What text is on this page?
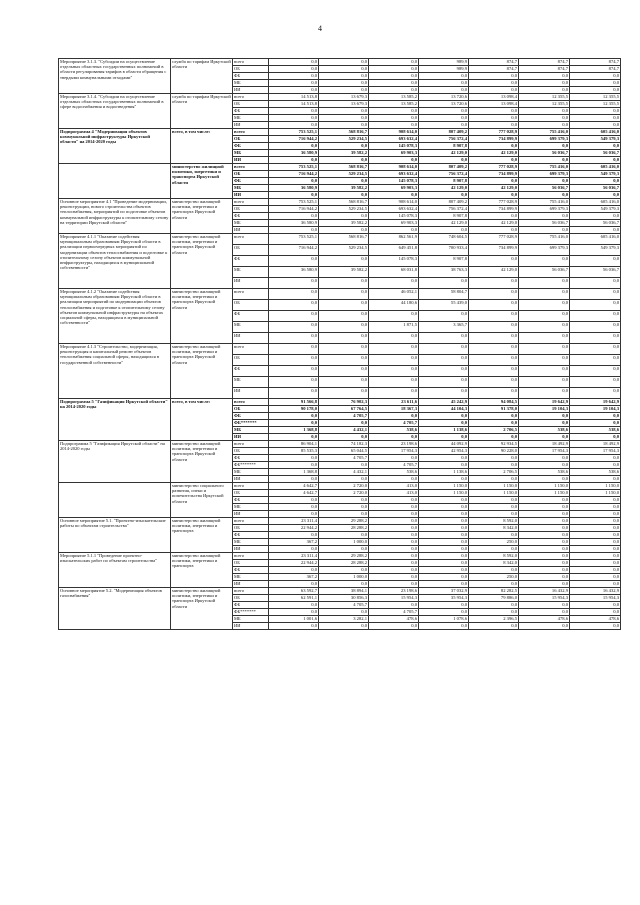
4
Мероприятие 3.1.3. "Субсидии на осуществление отдельных областных государственных полномочий в области регулирования тарифов в области обращения с твердыми коммунальными отходами"	служба по тарифам Иркутской области	всего	0,0	0,0	0,0	989,9	874,7	874,7	874,7
		ОБ	0,0	0,0	0,0	989,9	874,7	874,7	874,7
		ФБ	0,0	0,0	0,0	0,0	0,0	0,0	0,0
		МБ	0,0	0,0	0,0	0,0	0,0	0,0	0,0
		ИИ	0,0	0,0	0,0	0,0	0,0	0,0	0,0
Мероприятие 3.1.4. "Субсидии на осуществление отдельных областных государственных полномочий в сфере водоснабжения и водоотведения"	служба по тарифам Иркутской области	всего	14 513,8	13 679,3	13 585,2	13 720,6	13 098,4	12 355,5	12 355,5
		ОБ	14 513,8	13 679,3	13 585,2	13 720,6	13 098,4	12 355,5	12 355,5
		ФБ	0,0	0,0	0,0	0,0	0,0	0,0	0,0
		МБ	0,0	0,0	0,0	0,0	0,0	0,0	0,0
		ИИ	0,0	0,0	0,0	0,0	0,0	0,0	0,0
Подпрограмма 4 "Модернизация объектов коммунальной инфраструктуры Иркутской области" на 2014-2020 годы	всего, в том числе:	всего	753 525,1	568 816,7	908 614,0	807 409,2	777 028,9	755 416,0	605 416,0
		ОБ	716 944,2	529 234,5	693 632,4	756 372,4	734 899,9	699 379,3	549 379,3
		ФБ	0,0	0,0	145 078,3	8 907,8	0,0	0,0	0,0
		МБ	36 580,9	39 582,2	69 903,3	42 129,0	42 129,0	56 036,7	56 036,7
		ИИ	0,0	0,0	0,0	0,0	0,0	0,0	0,0
	министерство жилищной политики, энергетики и транспорта Иркутской области	всего	753 525,1	568 816,7	908 614,0	807 409,2	777 028,9	755 416,0	605 416,0
		ОБ	716 944,2	529 234,5	693 632,4	756 372,4	734 899,9	699 379,3	549 379,3
		ФБ	0,0	0,0	145 078,3	8 907,8	0,0	0,0	0,0
		МБ	36 580,9	39 582,2	69 903,3	42 129,0	42 129,0	56 036,7	56 036,7
		ИИ	0,0	0,0	0,0	0,0	0,0	0,0	0,0
Основное мероприятие 4.1 "Проведение модернизации, реконструкции, нового строительства объектов теплоснабжения, мероприятий по подготовке объектов коммунальной инфраструктуры к отопительному сезону на территории Иркутской области"	министерство жилищной политики, энергетики и транспорта Иркутской области	всего	753 525,1	568 816,7	908 614,0	807 409,2	777 028,9	755 416,0	605 416,0
		ОБ	716 944,2	529 234,5	693 632,4	756 372,4	734 899,9	699 379,3	549 379,3
		ФБ	0,0	0,0	145 078,3	8 907,8	0,0	0,0	0,0
		МБ	36 580,9	39 582,2	69 903,3	42 129,0	42 129,0	56 036,7	56 036,7
		ИИ	0,0	0,0	0,0	0,0	0,0	0,0	0,0
Мероприятие 4.1.1 "Оказание содействия муниципальным образованиям Иркутской области в реализации первоочередных мероприятий по модернизации объектов теплоснабжения и подготовке к отопительному сезону объектов коммунальной инфраструктуры, находящихся в муниципальной собственности"	министерство жилищной политики, энергетики и транспорта Иркутской области	всего	753 525,1	568 816,7	862 561,9	748 604,5	777 028,9	755 416,0	605 416,0
		ОБ	716 944,2	529 234,5	649 451,8	700 933,4	734 899,9	699 379,3	549 379,3
		ФБ	0,0	0,0	145 078,3	8 907,8	0,0	0,0	0,0
		МБ	36 580,9	39 582,2	68 031,8	38 763,3	42 129,0	56 036,7	56 036,7
		ИИ	0,0	0,0	0,0	0,0	0,0	0,0	0,0
Мероприятие 4.1.2 "Оказание содействия муниципальным образованиям Иркутской области в реализации мероприятий по модернизации объектов теплоснабжения и подготовке к отопительному сезону объектов коммунальной инфраструктуры на объектах социальной сферы, находящихся в муниципальной собственности"	министерство жилищной политики, энергетики и транспорта Иркутской области	всего	0,0	0,0	46 052,1	58 804,7	0,0	0,0	0,0
		ОБ	0,0	0,0	44 180,6	55 439,0	0,0	0,0	0,0
		ФБ	0,0	0,0	0,0	0,0	0,0	0,0	0,0
		МБ	0,0	0,0	1 871,5	3 365,7	0,0	0,0	0,0
		ИИ	0,0	0,0	0,0	0,0	0,0	0,0	0,0
Мероприятие 4.1.3 "Строительство, модернизация, реконструкция и капитальный ремонт объектов теплоснабжения социальной сферы, находящихся в государственной собственности"	министерство жилищной политики, энергетики и транспорта Иркутской области	всего	0,0	0,0	0,0	0,0	0,0	0,0	0,0
		ОБ	0,0	0,0	0,0	0,0	0,0	0,0	0,0
		ФБ	0,0	0,0	0,0	0,0	0,0	0,0	0,0
		МБ	0,0	0,0	0,0	0,0	0,0	0,0	0,0
		ИИ	0,0	0,0	0,0	0,0	0,0	0,0	0,0
Подпрограмма 5 "Газификация Иркутской области" на 2014-2020 годы	всего, в том числе:	всего	91 566,8	76 902,3	23 611,6	45 242,9	94 084,5	19 642,9	19 642,9
		ОБ	90 178,0	67 764,5	18 367,3	44 104,3	91 378,0	19 104,3	19 104,3
		ФБ	0,0	4 705,7	0,0	0,0	0,0	0,0	0,0
		ФБ*******	0,0	0,0	4 705,7	0,0	0,0	0,0	0,0
		МБ	1 368,8	4 432,1	538,6	1 138,6	2 706,5	538,6	538,6
		ИИ	0,0	0,0	0,0	0,0	0,0	0,0	0,0
Подпрограмма 5 "Газификация Иркутской области" на 2014-2020 годы	министерство жилищной политики, энергетики и транспорта Иркутской области	всего	86 904,1	74 182,3	23 198,6	44 092,9	92 934,5	18 492,9	18 492,9
		ОБ	85 535,3	65 044,5	17 954,3	42 954,3	90 228,0	17 954,3	17 954,3
		ФБ	0,0	4 705,7	0,0	0,0	0,0	0,0	0,0
		ФБ*******	0,0	0,0	4 705,7	0,0	0,0	0,0	0,0
		МБ	1 368,8	4 432,1	538,6	1 138,6	2 706,5	538,6	538,6
		ИИ	0,0	0,0	0,0	0,0	0,0	0,0	0,0
	министерство социального развития, опеки и попечительства Иркутской области	всего	4 642,7	2 720,0	413,0	1 150,0	1 150,0	1 150,0	1 150,0
		ОБ	4 642,7	2 720,0	413,0	1 150,0	1 150,0	1 150,0	1 150,0
		ФБ	0,0	0,0	0,0	0,0	0,0	0,0	0,0
		МБ	0,0	0,0	0,0	0,0	0,0	0,0	0,0
		ИИ	0,0	0,0	0,0	0,0	0,0	0,0	0,0
Основное мероприятие 5.1. "Проектно-изыскательские работы по объектам строительства"	министерство жилищной политики, энергетики и транспорта	всего	23 311,4	29 288,2	0,0	0,0	8 592,0	0,0	0,0
		ОБ	22 944,2	28 288,2	0,0	0,0	8 342,0	0,0	0,0
		ФБ	0,0	0,0	0,0	0,0	0,0	0,0	0,0
		МБ	367,2	1 000,0	0,0	0,0	250,0	0,0	0,0
		ИИ	0,0	0,0	0,0	0,0	0,0	0,0	0,0
Мероприятие 5.1.1 "Проведение проектно-изыскательских работ по объектам строительства"	министерство жилищной политики, энергетики и транспорта	всего	23 311,4	29 288,2	0,0	0,0	8 592,0	0,0	0,0
		ОБ	22 944,2	28 288,2	0,0	0,0	8 342,0	0,0	0,0
		ФБ	0,0	0,0	0,0	0,0	0,0	0,0	0,0
		МБ	367,2	1 000,0	0,0	0,0	250,0	0,0	0,0
		ИИ	0,0	0,0	0,0	0,0	0,0	0,0	0,0
Основное мероприятие 5.2. "Модернизация объектов газоснабжения"	министерство жилищной политики, энергетики и транспорта Иркутской области	всего	63 592,7	38 894,1	23 198,6	37 032,9	82 282,5	16 432,9	16 432,9
		ОБ	62 591,1	30 856,3	15 954,3	35 954,3	79 886,0	15 954,3	15 954,3
		ФБ	0,0	4 705,7	0,0	0,0	0,0	0,0	0,0
		ФБ*******	0,0	0,0	4 705,7	0,0	0,0	0,0	0,0
		МБ	1 001,6	3 282,1	478,6	1 078,6	2 396,5	478,6	478,6
		ИИ	0,0	0,0	0,0	0,0	0,0	0,0	0,0
